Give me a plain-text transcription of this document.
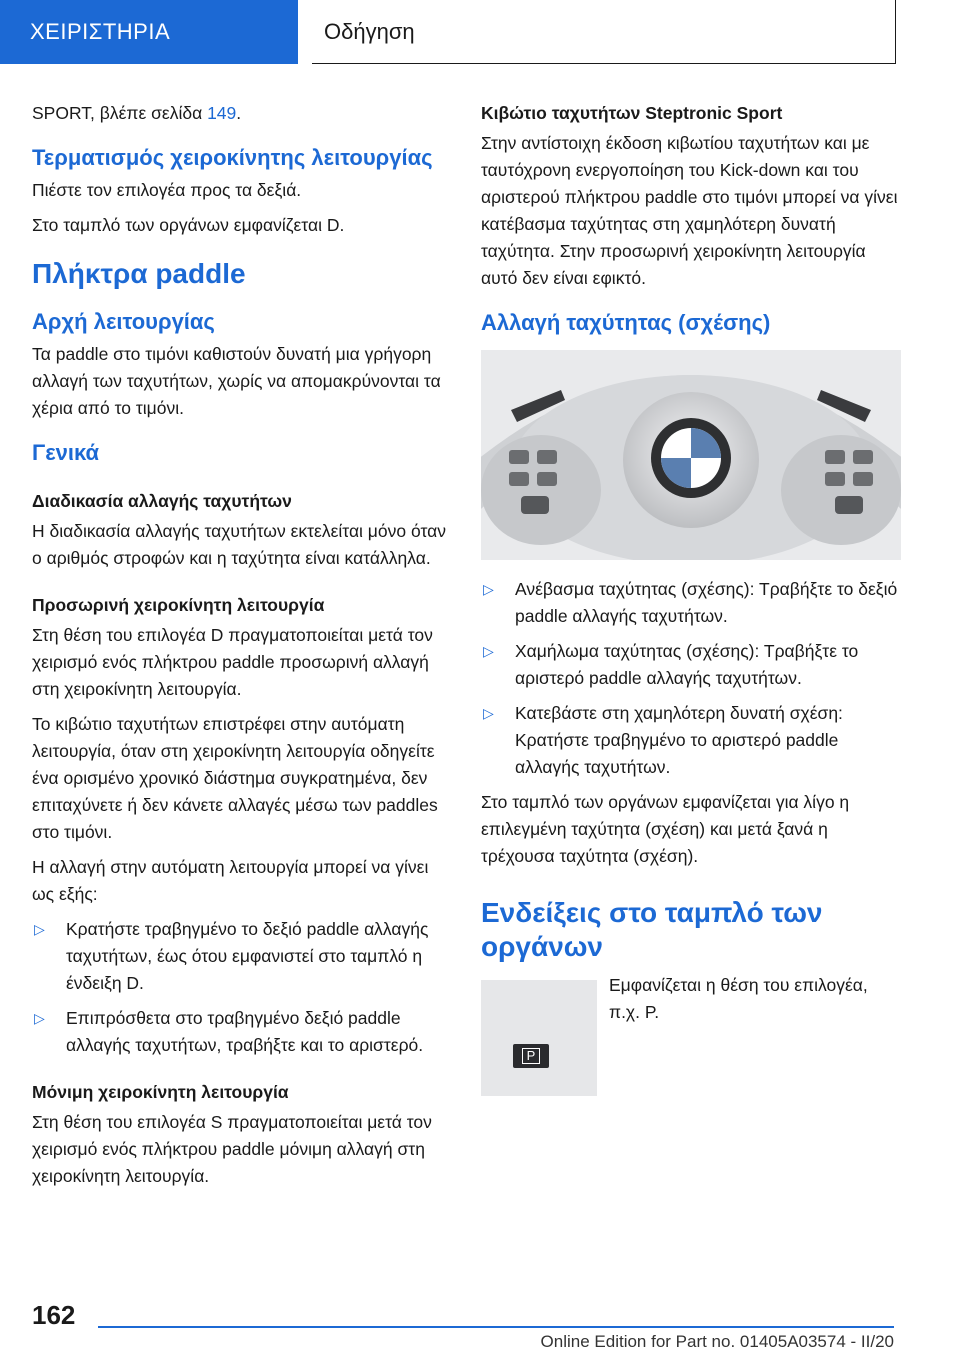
ΧΕΙΡΙΣΤΗΡΙΑ	Οδήγηση

SPORT, βλέπε σελίδα 149.

Τερματισμός χειροκίνητης λειτουργίας

Πιέστε τον επιλογέα προς τα δεξιά.

Στο ταμπλό των οργάνων εμφανίζεται D.

Πλήκτρα paddle
Αρχή λειτουργίας

Τα paddle στο τιμόνι καθιστούν δυνατή μια γρήγορη αλλαγή των ταχυτήτων, χωρίς να απομακρύνονται τα χέρια από το τιμόνι.

Γενικά
Διαδικασία αλλαγής ταχυτήτων

Η διαδικασία αλλαγής ταχυτήτων εκτελείται μόνο όταν ο αριθμός στροφών και η ταχύτητα είναι κατάλληλα.

Προσωρινή χειροκίνητη λειτουργία

Στη θέση του επιλογέα D πραγματοποιείται μετά τον χειρισμό ενός πλήκτρου paddle προσωρινή αλλαγή στη χειροκίνητη λειτουργία.

Το κιβώτιο ταχυτήτων επιστρέφει στην αυτόματη λειτουργία, όταν στη χειροκίνητη λειτουργία οδηγείτε ένα ορισμένο χρονικό διάστημα συγκρατημένα, δεν επιταχύνετε ή δεν κάνετε αλλαγές μέσω των paddles στο τιμόνι.

Η αλλαγή στην αυτόματη λειτουργία μπορεί να γίνει ως εξής:

▷ Κρατήστε τραβηγμένο το δεξιό paddle αλλαγής ταχυτήτων, έως ότου εμφανιστεί στο ταμπλό η ένδειξη D.
▷ Επιπρόσθετα στο τραβηγμένο δεξιό paddle αλλαγής ταχυτήτων, τραβήξτε και το αριστερό.
Μόνιμη χειροκίνητη λειτουργία

Στη θέση του επιλογέα S πραγματοποιείται μετά τον χειρισμό ενός πλήκτρου paddle μόνιμη αλλαγή στη χειροκίνητη λειτουργία.

Κιβώτιο ταχυτήτων Steptronic Sport

Στην αντίστοιχη έκδοση κιβωτίου ταχυτήτων και με ταυτόχρονη ενεργοποίηση του Kick-down και του αριστερού πλήκτρου paddle στο τιμόνι μπορεί να γίνει κατέβασμα ταχύτητας στη χαμηλότερη δυνατή ταχύτητα. Στην προσωρινή χειροκίνητη λειτουργία αυτό δεν είναι εφικτό.

Αλλαγή ταχύτητας (σχέσης)
▷ Ανέβασμα ταχύτητας (σχέσης): Τραβήξτε το δεξιό paddle αλλαγής ταχυτήτων.
▷ Χαμήλωμα ταχύτητας (σχέσης): Τραβήξτε το αριστερό paddle αλλαγής ταχυτήτων.
▷ Κατεβάστε στη χαμηλότερη δυνατή σχέση: Κρατήστε τραβηγμένο το αριστερό paddle αλλαγής ταχυτήτων.

Στο ταμπλό των οργάνων εμφανίζεται για λίγο η επιλεγμένη ταχύτητα (σχέση) και μετά ξανά η τρέχουσα ταχύτητα (σχέση).

Ενδείξεις στο ταμπλό των οργάνων
P

Εμφανίζεται η θέση του επιλογέα, π.χ. P.

162
Online Edition for Part no. 01405A03574 - II/20
